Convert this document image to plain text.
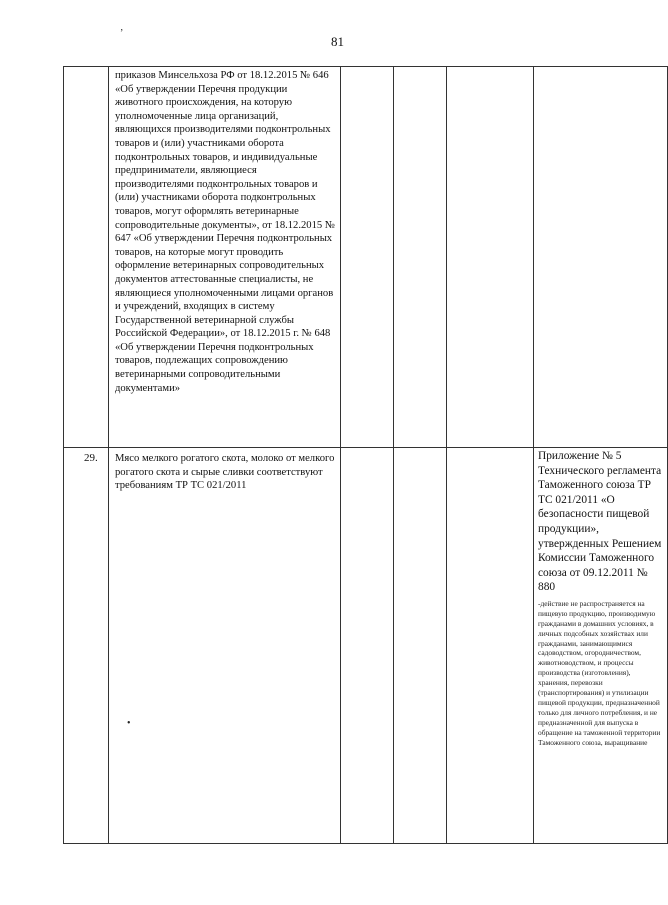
81
’
•

	приказов Минсельхоза РФ от 18.12.2015 № 646 «Об утверждении Перечня продукции животного происхождения, на которую уполномоченные лица организаций, являющихся производителями подконтрольных товаров и (или) участниками оборота подконтрольных товаров, и индивидуальные предприниматели, являющиеся производителями подконтрольных товаров и (или) участниками оборота подконтрольных товаров, могут оформлять ветеринарные сопроводительные документы», от 18.12.2015 № 647 «Об утверждении Перечня подконтрольных товаров, на которые могут проводить оформление ветеринарных сопроводительных документов аттестованные специалисты, не являющиеся уполномоченными лицами органов и учреждений, входящих в систему Государственной ветеринарной службы Российской Федерации», от 18.12.2015 г. № 648 «Об утверждении Перечня подконтрольных товаров, подлежащих сопровождению ветеринарными сопроводительными документами»				

29.	Мясо мелкого рогатого скота, молоко от мелкого рогатого скота и сырые сливки соответствуют требованиям ТР ТС 021/2011				Приложение № 5 Технического регламента Таможенного союза ТР ТС 021/2011 «О безопасности пищевой продукции», утвержденных Решением Комиссии Таможенного союза от 09.12.2011 № 880
-действие не распространяется на пищевую продукцию, производимую гражданами в домашних условиях, в личных подсобных хозяйствах или гражданами, занимающимися садоводством, огородничеством, животноводством, и процессы производства (изготовления), хранения, перевозки (транспортирования) и утилизации пищевой продукции, предназначенной только для личного потребления, и не предназначенной для выпуска в обращение на таможенной территории Таможенного союза, выращивание
